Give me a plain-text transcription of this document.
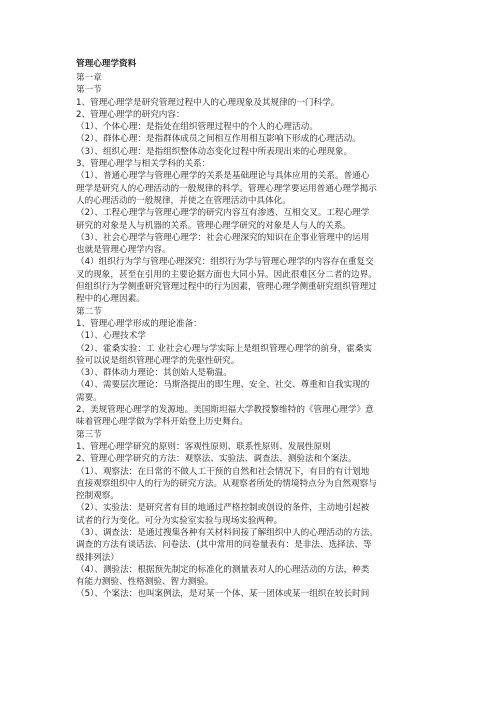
管理心理学资料

第一章

第一节

1、管理心理学是研究管理过程中人的心理现象及其规律的一门科学。

2、管理心理学的研究内容：

（1）、个体心理：是指处在组织管理过程中的个人的心理活动。

（2）、群体心理：是指群体成员之间相互作用相互影响下形成的心理活动。

（3）、组织心理：是指组织整体动态变化过程中所表现出来的心理现象。

3、管理心理学与相关学科的关系：

（1）、普通心理学与管理心理学的关系是基础理论与具体应用的关系。普通心

理学是研究人的心理活动的一般规律的科学。管理心理学要运用普通心理学揭示

人的心理活动的一般规律，并使之在管理活动中具体化。

（2）、工程心理学与管理心理学的研究内容互有渗透、互相交叉。工程心理学

研究的对象是人与机器的关系。管理心理学研究的对象是人与人的关系。

（3）、社会心理学与管理心理学：社会心理深究的知识在企事业管理中的运用

也就是管理心理学内容。

（4）组织行为学与管理心理深究：组织行为学与管理心理学的内容存在重复交

叉的现象，甚至在引用的主要论据方面也大同小异。因此很难区分二者的边界。

但组织行为学侧重研究管理过程中的行为因素，管理心理学侧重研究组织管理过

程中的心理因素。

第二节

1、管理心理学形成的理论准备：

（1）、心理技术学

（2）、霍桑实验：工 业社会心理与学实际上是组织管理心理学的前身，霍桑实

验可以说是组织管理心理学的先驱性研究。

（3）、群体动力理论：其创始人是勒温。

（4）、需要层次理论：马斯洛提出的即生理、安全、社交、尊重和自我实现的

需要。

2、美规管理心理学的发源地。美国斯坦福大学教授黎维特的《管理心理学》意

味着管理心理学做为学科开始登上历史舞台。

第三节

1、管理心理学研究的原则：客观性原则、联系性原则、发展性原则

2、管理心理学研究的方法：观察法、实验法、调查法、测验法和个案法。

（1）、观察法：在日常的不做人工干预的自然和社会情况下，有目的有计划地

直接观察组织中人的行为的研究方法。从观察者所处的情境特点分为自然观察与

控制观察。

（2）、实验法：是研究者有目的地通过严格控制或创设的条件，主动地引起被

试者的行为变化。可分为实验室实验与现场实验两种。

（3）、调查法：是通过搜集各种有关材料间接了解组织中人的心理活动的方法。

调查的方法有谈话法、问卷法、(其中常用的问卷量表有：是非法、选择法、等

级排列法）

（4）、测验法：根据预先制定的标准化的测量表对人的心理活动的方法，种类

有能力测验、性格测验、智力测验。

（5）、个案法：也叫案例法，是对某一个体、某一团体或某一组织在较长时间
